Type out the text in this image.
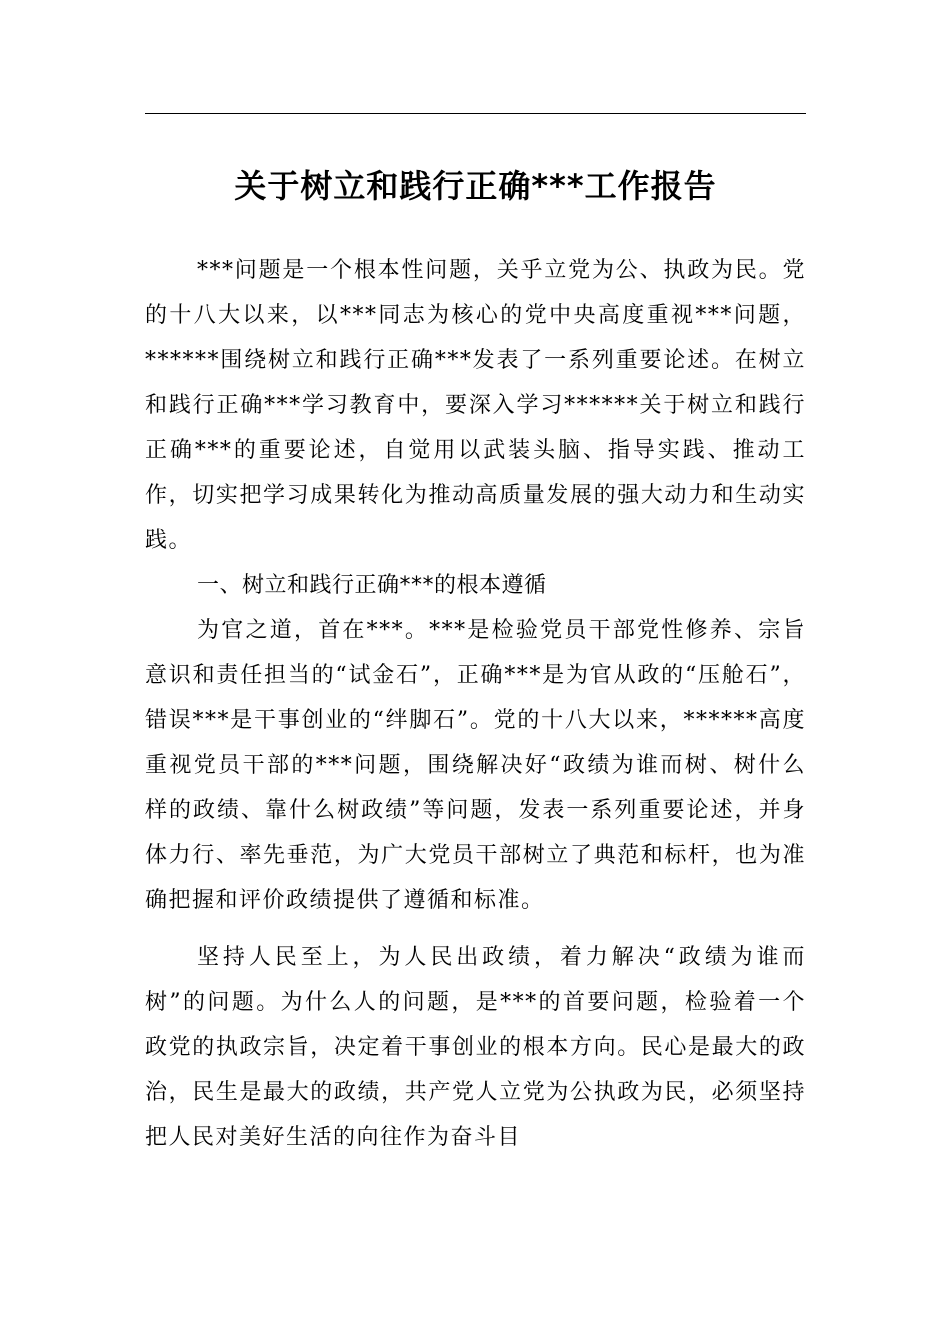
关于树立和践行正确***工作报告

***问题是一个根本性问题，关乎立党为公、执政为民。党的十八大以来，以***同志为核心的党中央高度重视***问题，******围绕树立和践行正确***发表了一系列重要论述。在树立和践行正确***学习教育中，要深入学习******关于树立和践行正确***的重要论述，自觉用以武装头脑、指导实践、推动工作，切实把学习成果转化为推动高质量发展的强大动力和生动实践。

一、树立和践行正确***的根本遵循

为官之道，首在***。***是检验党员干部党性修养、宗旨意识和责任担当的“试金石”，正确***是为官从政的“压舱石”，错误***是干事创业的“绊脚石”。党的十八大以来，******高度重视党员干部的***问题，围绕解决好“政绩为谁而树、树什么样的政绩、靠什么树政绩”等问题，发表一系列重要论述，并身体力行、率先垂范，为广大党员干部树立了典范和标杆，也为准确把握和评价政绩提供了遵循和标准。

坚持人民至上，为人民出政绩，着力解决“政绩为谁而树”的问题。为什么人的问题，是***的首要问题，检验着一个政党的执政宗旨，决定着干事创业的根本方向。民心是最大的政治，民生是最大的政绩，共产党人立党为公执政为民，必须坚持把人民对美好生活的向往作为奋斗目
